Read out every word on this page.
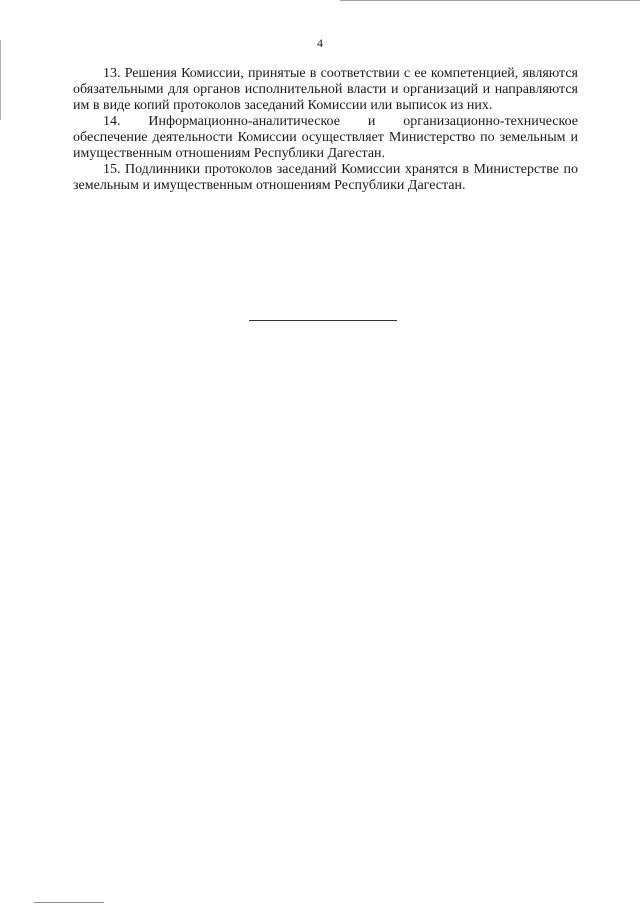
4

13. Решения Комиссии, принятые в соответствии с ее компетенцией, являются обязательными для органов исполнительной власти и организаций и направляются им в виде копий протоколов заседаний Комиссии или выписок из них.

14. Информационно-аналитическое и организационно-техническое обеспечение деятельности Комиссии осуществляет Министерство по земельным и имущественным отношениям Республики Дагестан.

15. Подлинники протоколов заседаний Комиссии хранятся в Министерстве по земельным и имущественным отношениям Республики Дагестан.
